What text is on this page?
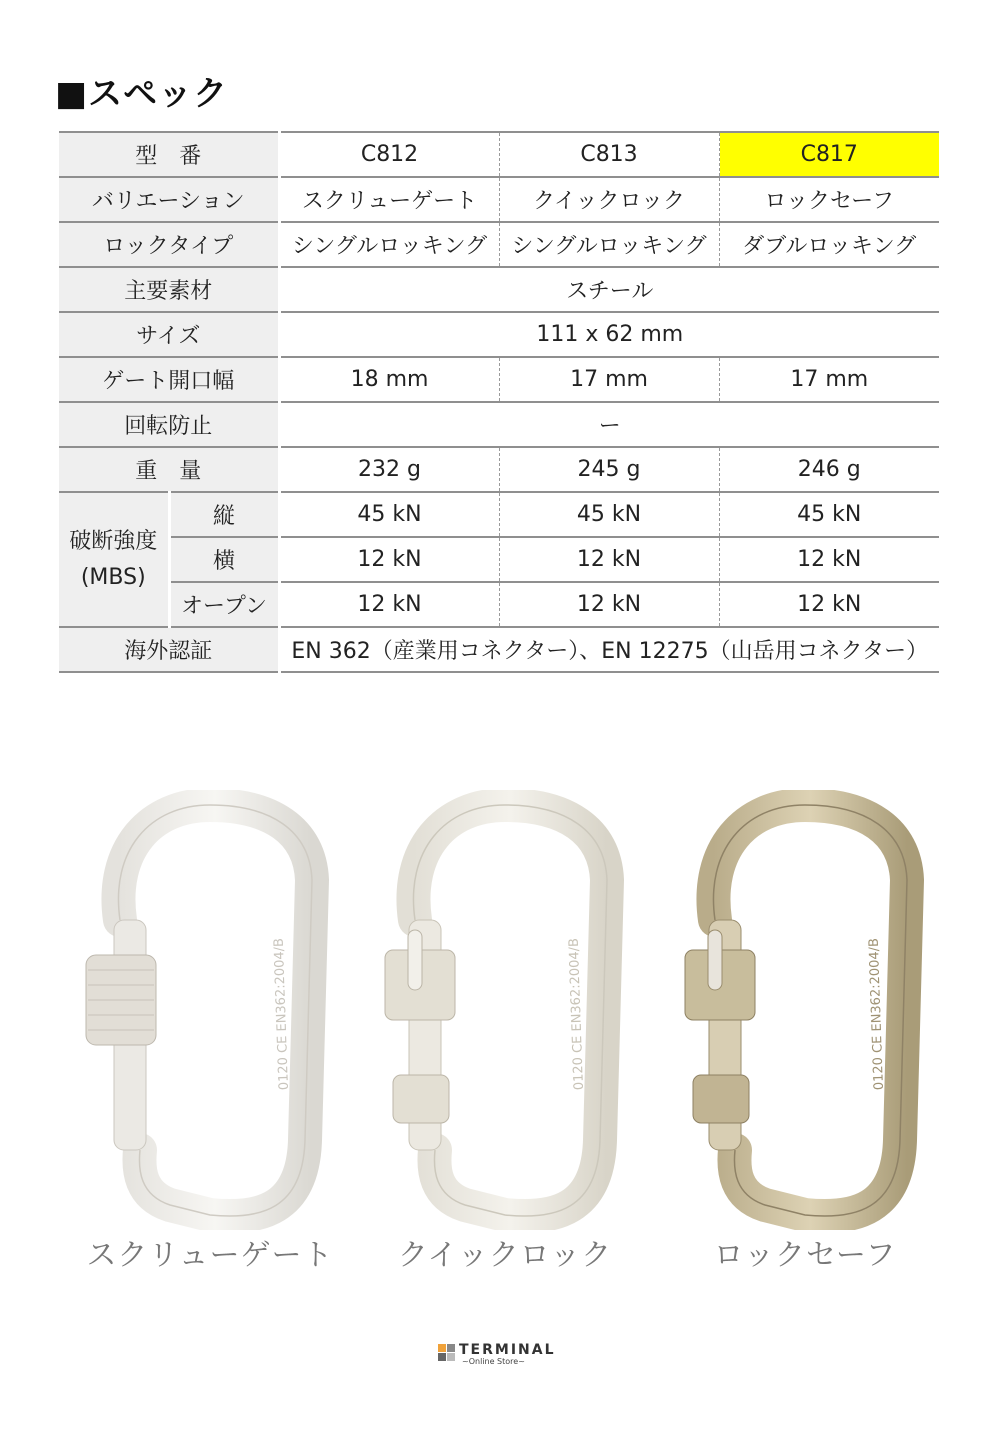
■スペック
型　番		C812	C813	C817
バリエーション		スクリューゲート	クイックロック	ロックセーフ
ロックタイプ		シングルロッキング	シングルロッキング	ダブルロッキング
主要素材		スチール		
サイズ		111 x 62 mm		
ゲート開口幅		18 mm	17 mm	17 mm
回転防止		ー		
重　量		232 g	245 g	246 g
破断強度
(MBS)	縦	45 kN	45 kN	45 kN
	横	12 kN	12 kN	12 kN
	オープン	12 kN	12 kN	12 kN
海外認証		EN 362（産業用コネクター）、EN 12275（山岳用コネクター）		
0120 CE EN362:2004/B
スクリューゲート
0120 CE EN362:2004/B
クイックロック
0120 CE EN362:2004/B
ロックセーフ
TERMINAL
~Online Store~
